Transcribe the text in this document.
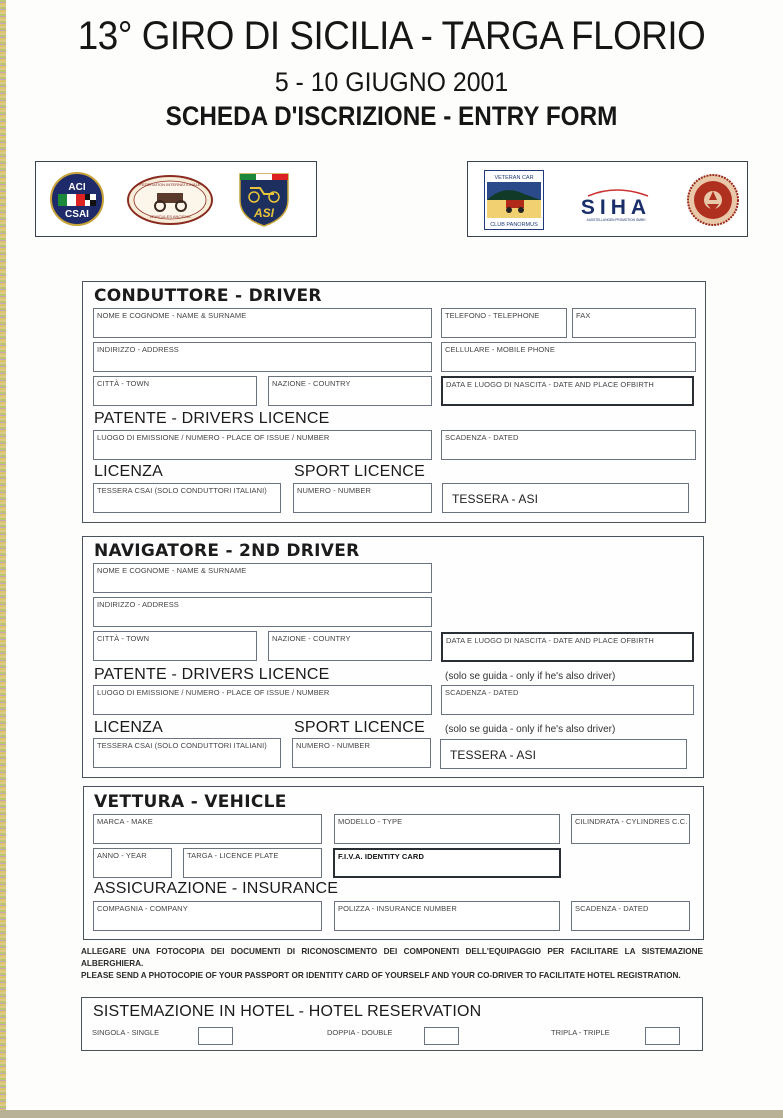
13° GIRO DI SICILIA - TARGA FLORIO
5 - 10 GIUGNO 2001
SCHEDA D'ISCRIZIONE - ENTRY FORM
ACI
CSAI
FEDERATION INTERNATIONALE
VEHICULES ANCIENS	ASI
VETERAN CAR
CLUB PANORMUS
SIHA
AUSSTELLUNGEN PROMOTION GMBH
CONDUTTORE - DRIVER
NOME E COGNOME - NAME & SURNAME	TELEFONO - TELEPHONE	FAX
INDIRIZZO - ADDRESS	CELLULARE - MOBILE PHONE
CITTÀ - TOWN	NAZIONE - COUNTRY	DATA E LUOGO DI NASCITA - DATE AND PLACE OFBIRTH
PATENTE - DRIVERS LICENCE
LUOGO DI EMISSIONE / NUMERO - PLACE OF ISSUE / NUMBER	SCADENZA - DATED
LICENZA	SPORT LICENCE
TESSERA CSAI (SOLO CONDUTTORI ITALIANI)	NUMERO - NUMBER
TESSERA - ASI
NAVIGATORE - 2ND DRIVER
NOME E COGNOME - NAME & SURNAME
INDIRIZZO - ADDRESS
CITTÀ - TOWN	NAZIONE - COUNTRY	DATA E LUOGO DI NASCITA - DATE AND PLACE OFBIRTH
PATENTE - DRIVERS LICENCE	(solo se guida - only if he's also driver)
LUOGO DI EMISSIONE / NUMERO - PLACE OF ISSUE / NUMBER	SCADENZA - DATED
LICENZA	SPORT LICENCE (solo se guida - only if he's also driver)
TESSERA CSAI (SOLO CONDUTTORI ITALIANI)	NUMERO - NUMBER
TESSERA - ASI
VETTURA - VEHICLE
MARCA - MAKE	MODELLO - TYPE	CILINDRATA - CYLINDRES C.C.
ANNO - YEAR	TARGA - LICENCE PLATE	F.I.V.A. IDENTITY CARD
ASSICURAZIONE - INSURANCE
COMPAGNIA - COMPANY	POLIZZA - INSURANCE NUMBER	SCADENZA - DATED
ALLEGARE UNA FOTOCOPIA DEI DOCUMENTI DI RICONOSCIMENTO DEI COMPONENTI DELL'EQUIPAGGIO PER FACILITARE LA SISTEMAZIONE ALBERGHIERA.
PLEASE SEND A PHOTOCOPIE OF YOUR PASSPORT OR IDENTITY CARD OF YOURSELF AND YOUR CO-DRIVER TO FACILITATE HOTEL REGISTRATION.
SISTEMAZIONE IN HOTEL - HOTEL RESERVATION
SINGOLA - SINGLE	DOPPIA - DOUBLE	TRIPLA - TRIPLE
